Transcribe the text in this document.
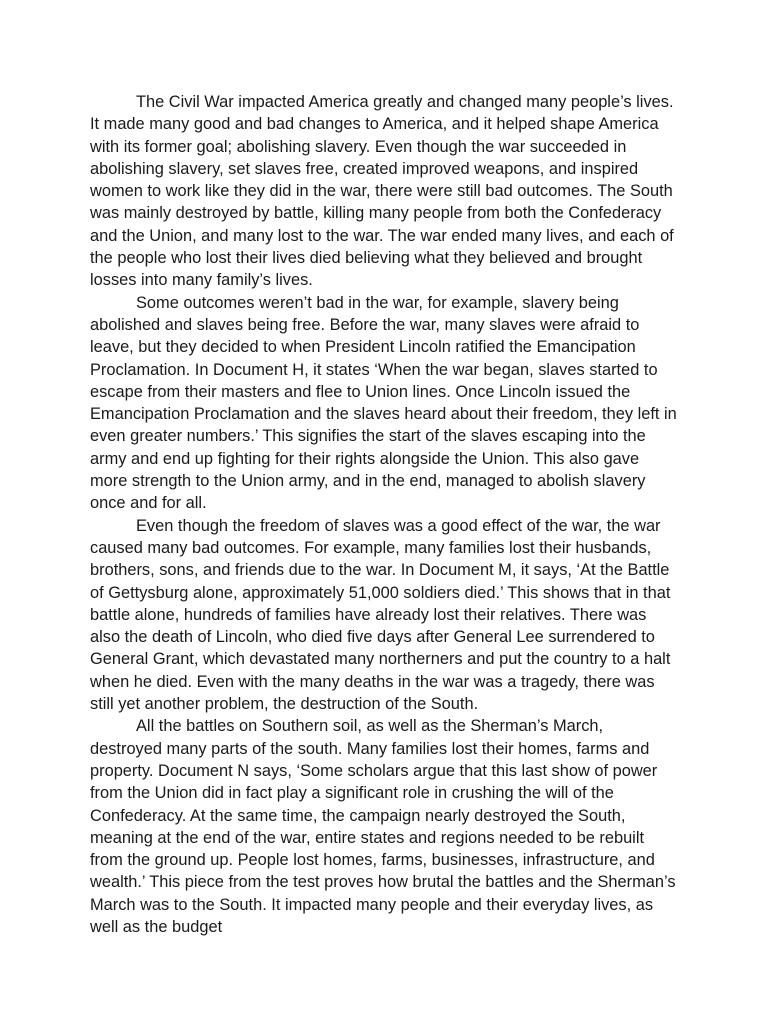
The Civil War impacted America greatly and changed many people’s lives. It made many good and bad changes to America, and it helped shape America with its former goal; abolishing slavery. Even though the war succeeded in abolishing slavery, set slaves free, created improved weapons, and inspired women to work like they did in the war, there were still bad outcomes. The South was mainly destroyed by battle, killing many people from both the Confederacy and the Union, and many lost to the war. The war ended many lives, and each of the people who lost their lives died believing what they believed and brought losses into many family’s lives.

Some outcomes weren’t bad in the war, for example, slavery being abolished and slaves being free. Before the war, many slaves were afraid to leave, but they decided to when President Lincoln ratified the Emancipation Proclamation. In Document H, it states ‘When the war began, slaves started to escape from their masters and flee to Union lines. Once Lincoln issued the Emancipation Proclamation and the slaves heard about their freedom, they left in even greater numbers.’ This signifies the start of the slaves escaping into the army and end up fighting for their rights alongside the Union. This also gave more strength to the Union army, and in the end, managed to abolish slavery once and for all.

Even though the freedom of slaves was a good effect of the war, the war caused many bad outcomes. For example, many families lost their husbands, brothers, sons, and friends due to the war. In Document M, it says, ‘At the Battle of Gettysburg alone, approximately 51,000 soldiers died.’ This shows that in that battle alone, hundreds of families have already lost their relatives. There was also the death of Lincoln, who died five days after General Lee surrendered to General Grant, which devastated many northerners and put the country to a halt when he died. Even with the many deaths in the war was a tragedy, there was still yet another problem, the destruction of the South.

All the battles on Southern soil, as well as the Sherman’s March, destroyed many parts of the south. Many families lost their homes, farms and property. Document N says, ‘Some scholars argue that this last show of power from the Union did in fact play a significant role in crushing the will of the Confederacy. At the same time, the campaign nearly destroyed the South, meaning at the end of the war, entire states and regions needed to be rebuilt from the ground up. People lost homes, farms, businesses, infrastructure, and wealth.’ This piece from the test proves how brutal the battles and the Sherman’s March was to the South. It impacted many people and their everyday lives, as well as the budget
